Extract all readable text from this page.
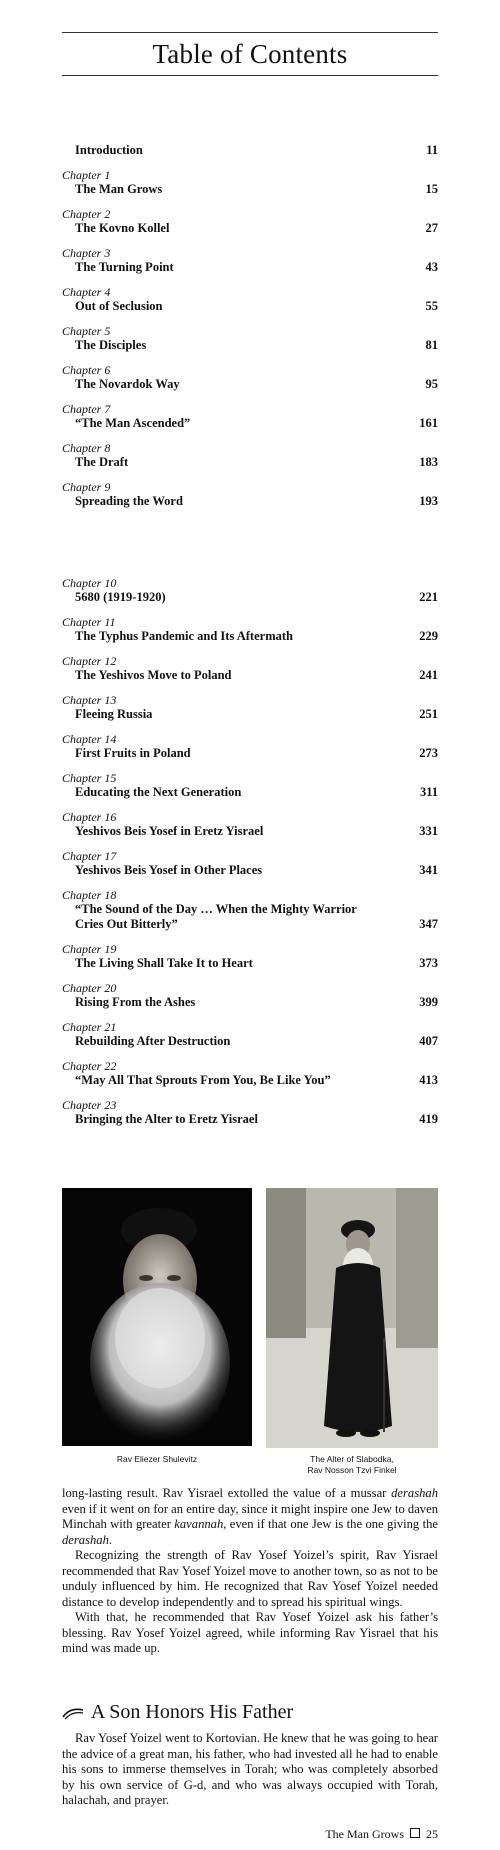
Table of Contents
Introduction	11
Chapter 1
The Man Grows	15
Chapter 2
The Kovno Kollel	27
Chapter 3
The Turning Point	43
Chapter 4
Out of Seclusion	55
Chapter 5
The Disciples	81
Chapter 6
The Novardok Way	95
Chapter 7
“The Man Ascended”	161
Chapter 8
The Draft	183
Chapter 9
Spreading the Word	193
Chapter 10
5680 (1919-1920)	221
Chapter 11
The Typhus Pandemic and Its Aftermath	229
Chapter 12
The Yeshivos Move to Poland	241
Chapter 13
Fleeing Russia	251
Chapter 14
First Fruits in Poland	273
Chapter 15
Educating the Next Generation	311
Chapter 16
Yeshivos Beis Yosef in Eretz Yisrael	331
Chapter 17
Yeshivos Beis Yosef in Other Places	341
Chapter 18
“The Sound of the Day … When the Mighty Warrior Cries Out Bitterly”	347
Chapter 19
The Living Shall Take It to Heart	373
Chapter 20
Rising From the Ashes	399
Chapter 21
Rebuilding After Destruction	407
Chapter 22
“May All That Sprouts From You, Be Like You”	413
Chapter 23
Bringing the Alter to Eretz Yisrael	419
Rav Eliezer Shulevitz	The Alter of Slabodka,
Rav Nosson Tzvi Finkel

long-lasting result. Rav Yisrael extolled the value of a mussar derashah even if it went on for an entire day, since it might inspire one Jew to daven Minchah with greater kavannah, even if that one Jew is the one giving the derashah.

Recognizing the strength of Rav Yosef Yoizel’s spirit, Rav Yisrael recommended that Rav Yosef Yoizel move to another town, so as not to be unduly influenced by him. He recognized that Rav Yosef Yoizel needed distance to develop independently and to spread his spiritual wings.

With that, he recommended that Rav Yosef Yoizel ask his father’s blessing. Rav Yosef Yoizel agreed, while informing Rav Yisrael that his mind was made up.

A Son Honors His Father

Rav Yosef Yoizel went to Kortovian. He knew that he was going to hear the advice of a great man, his father, who had invested all he had to enable his sons to immerse themselves in Torah; who was completely absorbed by his own service of G-d, and who was always occupied with Torah, halachah, and prayer.

The Man Grows 25
